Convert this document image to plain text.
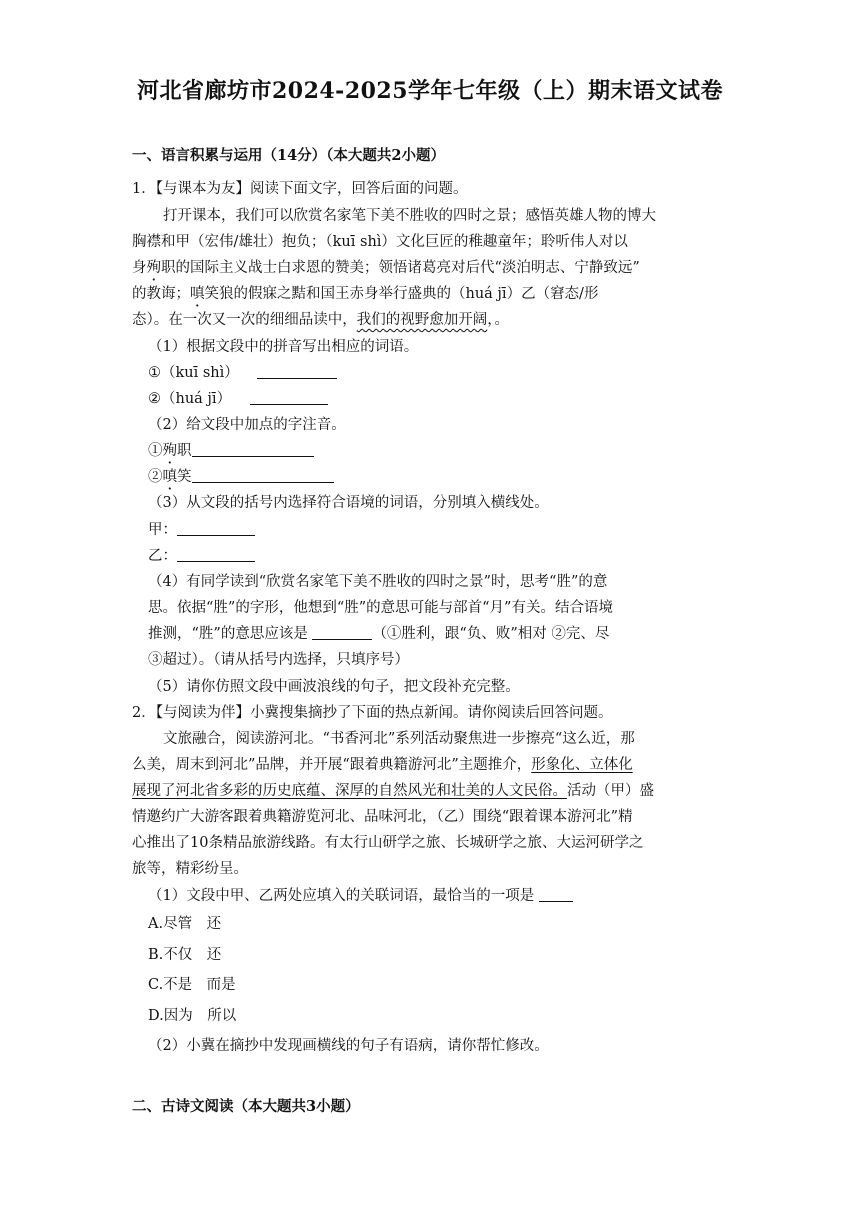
河北省廊坊市2024-2025学年七年级（上）期末语文试卷
一、语言积累与运用（14分）（本大题共2小题）
1．【与课本为友】阅读下面文字，回答后面的问题。
打开课本，我们可以欣赏名家笔下美不胜收的四时之景；感悟英雄人物的博大
胸襟和甲（宏伟/雄壮）抱负；（kuī shì）文化巨匠的稚趣童年；聆听伟人对以
身殉职的国际主义战士白求恩的赞美；领悟诸葛亮对后代“淡泊明志、宁静致远”
的教诲；嗔笑狼的假寐之黠和国王赤身举行盛典的（huá jī）乙（窘态/形
态）。在一次又一次的细细品读中，我们的视野愈加开阔，。
（1）根据文段中的拼音写出相应的词语。
①（kuī shì）
②（huá jī）
（2）给文段中加点的字注音。
①殉职
②嗔笑
（3）从文段的括号内选择符合语境的词语，分别填入横线处。
甲：
乙：
（4）有同学读到“欣赏名家笔下美不胜收的四时之景”时，思考“胜”的意
思。依据“胜”的字形，他想到“胜”的意思可能与部首“月”有关。结合语境
推测，“胜”的意思应该是	（①胜利，跟“负、败”相对 ②完、尽
③超过）。（请从括号内选择，只填序号）
（5）请你仿照文段中画波浪线的句子，把文段补充完整。
2．【与阅读为伴】小冀搜集摘抄了下面的热点新闻。请你阅读后回答问题。
文旅融合，阅读游河北。“书香河北”系列活动聚焦进一步擦亮“这么近，那
么美，周末到河北”品牌，并开展“跟着典籍游河北”主题推介，形象化、立体化
展现了河北省多彩的历史底蕴、深厚的自然风光和壮美的人文民俗。活动（甲）盛
情邀约广大游客跟着典籍游览河北、品味河北，（乙）围绕“跟着课本游河北”精
心推出了10条精品旅游线路。有太行山研学之旅、长城研学之旅、大运河研学之
旅等，精彩纷呈。
（1）文段中甲、乙两处应填入的关联词语，最恰当的一项是
A.尽管　还
B.不仅　还
C.不是　而是
D.因为　所以
（2）小冀在摘抄中发现画横线的句子有语病，请你帮忙修改。
二、古诗文阅读（本大题共3小题）
